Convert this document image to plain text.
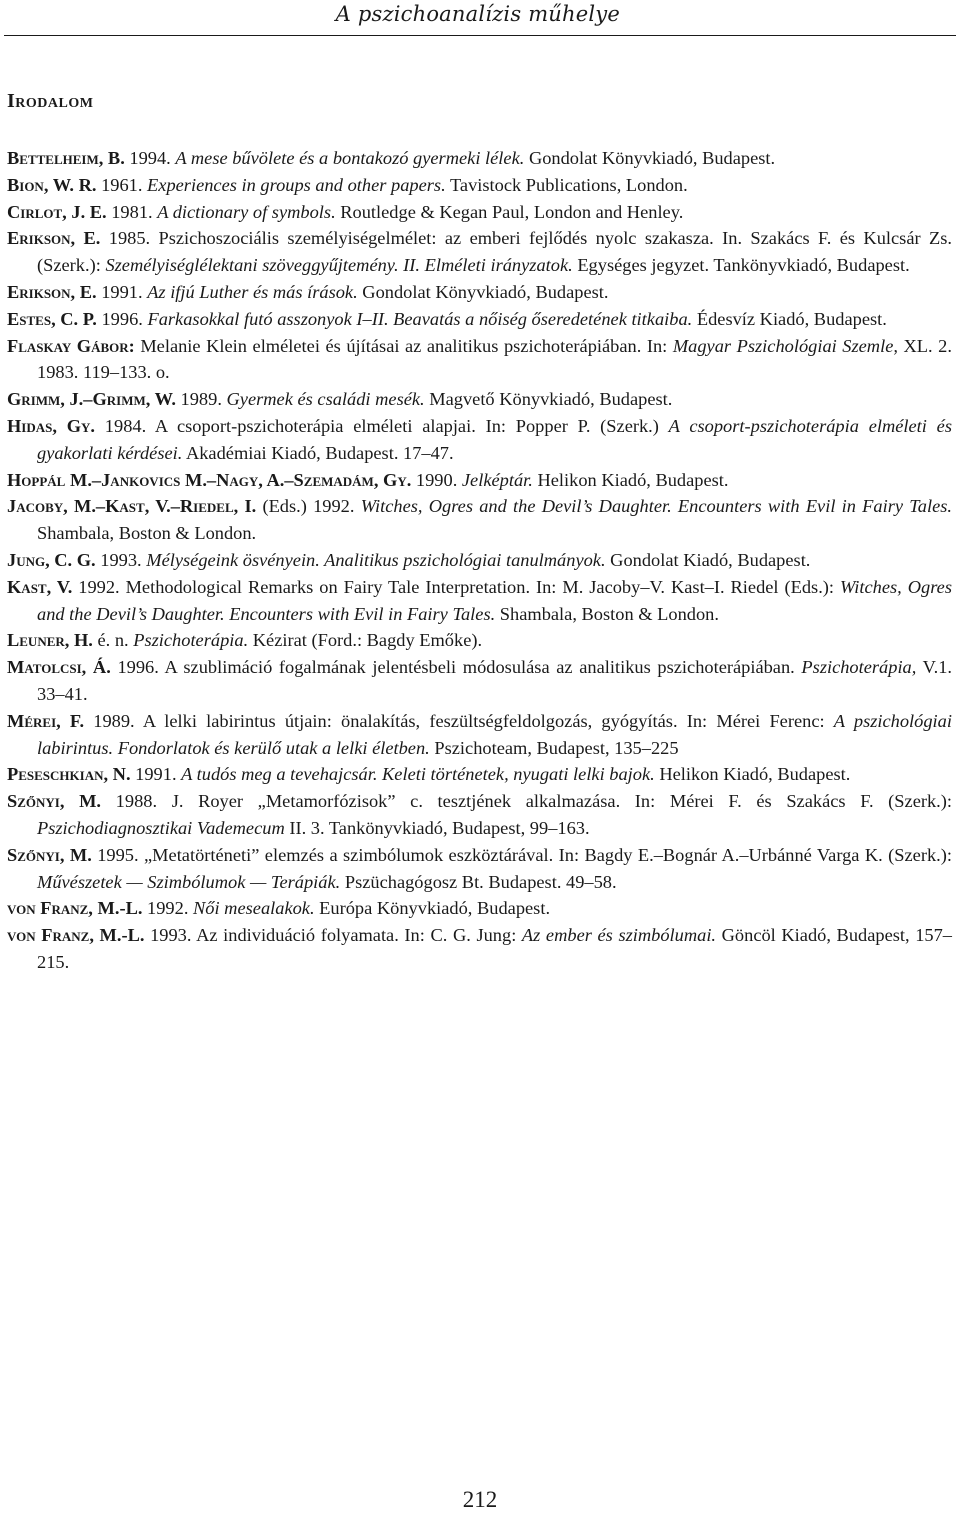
A pszichoanalízis műhelye
Irodalom

Bettelheim, B. 1994. A mese bűvölete és a bontakozó gyermeki lélek. Gondolat Könyvkiadó, Budapest.

Bion, W. R. 1961. Experiences in groups and other papers. Tavistock Publications, London.

Cirlot, J. E. 1981. A dictionary of symbols. Routledge & Kegan Paul, London and Henley.

Erikson, E. 1985. Pszichoszociális személyiségelmélet: az emberi fejlődés nyolc szakasza. In. Szakács F. és Kulcsár Zs. (Szerk.): Személyiséglélektani szöveggyűjtemény. II. Elméleti irányzatok. Egységes jegyzet. Tankönyvkiadó, Budapest.

Erikson, E. 1991. Az ifjú Luther és más írások. Gondolat Könyvkiadó, Budapest.

Estes, C. P. 1996. Farkasokkal futó asszonyok I–II. Beavatás a nőiség őseredetének titkaiba. Édesvíz Kiadó, Budapest.

Flaskay Gábor: Melanie Klein elméletei és újításai az analitikus pszichoterápiában. In: Magyar Pszichológiai Szemle, XL. 2. 1983. 119–133. o.

Grimm, J.–Grimm, W. 1989. Gyermek és családi mesék. Magvető Könyvkiadó, Budapest.

Hidas, Gy. 1984. A csoport-pszichoterápia elméleti alapjai. In: Popper P. (Szerk.) A csoport-pszichoterápia elméleti és gyakorlati kérdései. Akadémiai Kiadó, Budapest. 17–47.

Hoppál M.–Jankovics M.–Nagy, A.–Szemadám, Gy. 1990. Jelképtár. Helikon Kiadó, Budapest.

Jacoby, M.–Kast, V.–Riedel, I. (Eds.) 1992. Witches, Ogres and the Devil’s Daughter. Encounters with Evil in Fairy Tales. Shambala, Boston & London.

Jung, C. G. 1993. Mélységeink ösvényein. Analitikus pszichológiai tanulmányok. Gondolat Kiadó, Budapest.

Kast, V. 1992. Methodological Remarks on Fairy Tale Interpretation. In: M. Jacoby–V. Kast–I. Riedel (Eds.): Witches, Ogres and the Devil’s Daughter. Encounters with Evil in Fairy Tales. Shambala, Boston & London.

Leuner, H. é. n. Pszichoterápia. Kézirat (Ford.: Bagdy Emőke).

Matolcsi, Á. 1996. A szublimáció fogalmának jelentésbeli módosulása az analitikus pszichoterápiában. Pszichoterápia, V.1. 33–41.

Mérei, F. 1989. A lelki labirintus útjain: önalakítás, feszültségfeldolgozás, gyógyítás. In: Mérei Ferenc: A pszichológiai labirintus. Fondorlatok és kerülő utak a lelki életben. Pszichoteam, Budapest, 135–225

Peseschkian, N. 1991. A tudós meg a tevehajcsár. Keleti történetek, nyugati lelki bajok. Helikon Kiadó, Budapest.

Szőnyi, M. 1988. J. Royer „Metamorfózisok” c. tesztjének alkalmazása. In: Mérei F. és Szakács F. (Szerk.): Pszichodiagnosztikai Vademecum II. 3. Tankönyvkiadó, Budapest, 99–163.

Szőnyi, M. 1995. „Metatörténeti” elemzés a szimbólumok eszköztárával. In: Bagdy E.–Bognár A.–Urbánné Varga K. (Szerk.): Művészetek — Szimbólumok — Terápiák. Pszüchagógosz Bt. Budapest. 49–58.

von Franz, M.-L. 1992. Női mesealakok. Európa Könyvkiadó, Budapest.

von Franz, M.-L. 1993. Az individuáció folyamata. In: C. G. Jung: Az ember és szimbólumai. Göncöl Kiadó, Budapest, 157–215.

212
